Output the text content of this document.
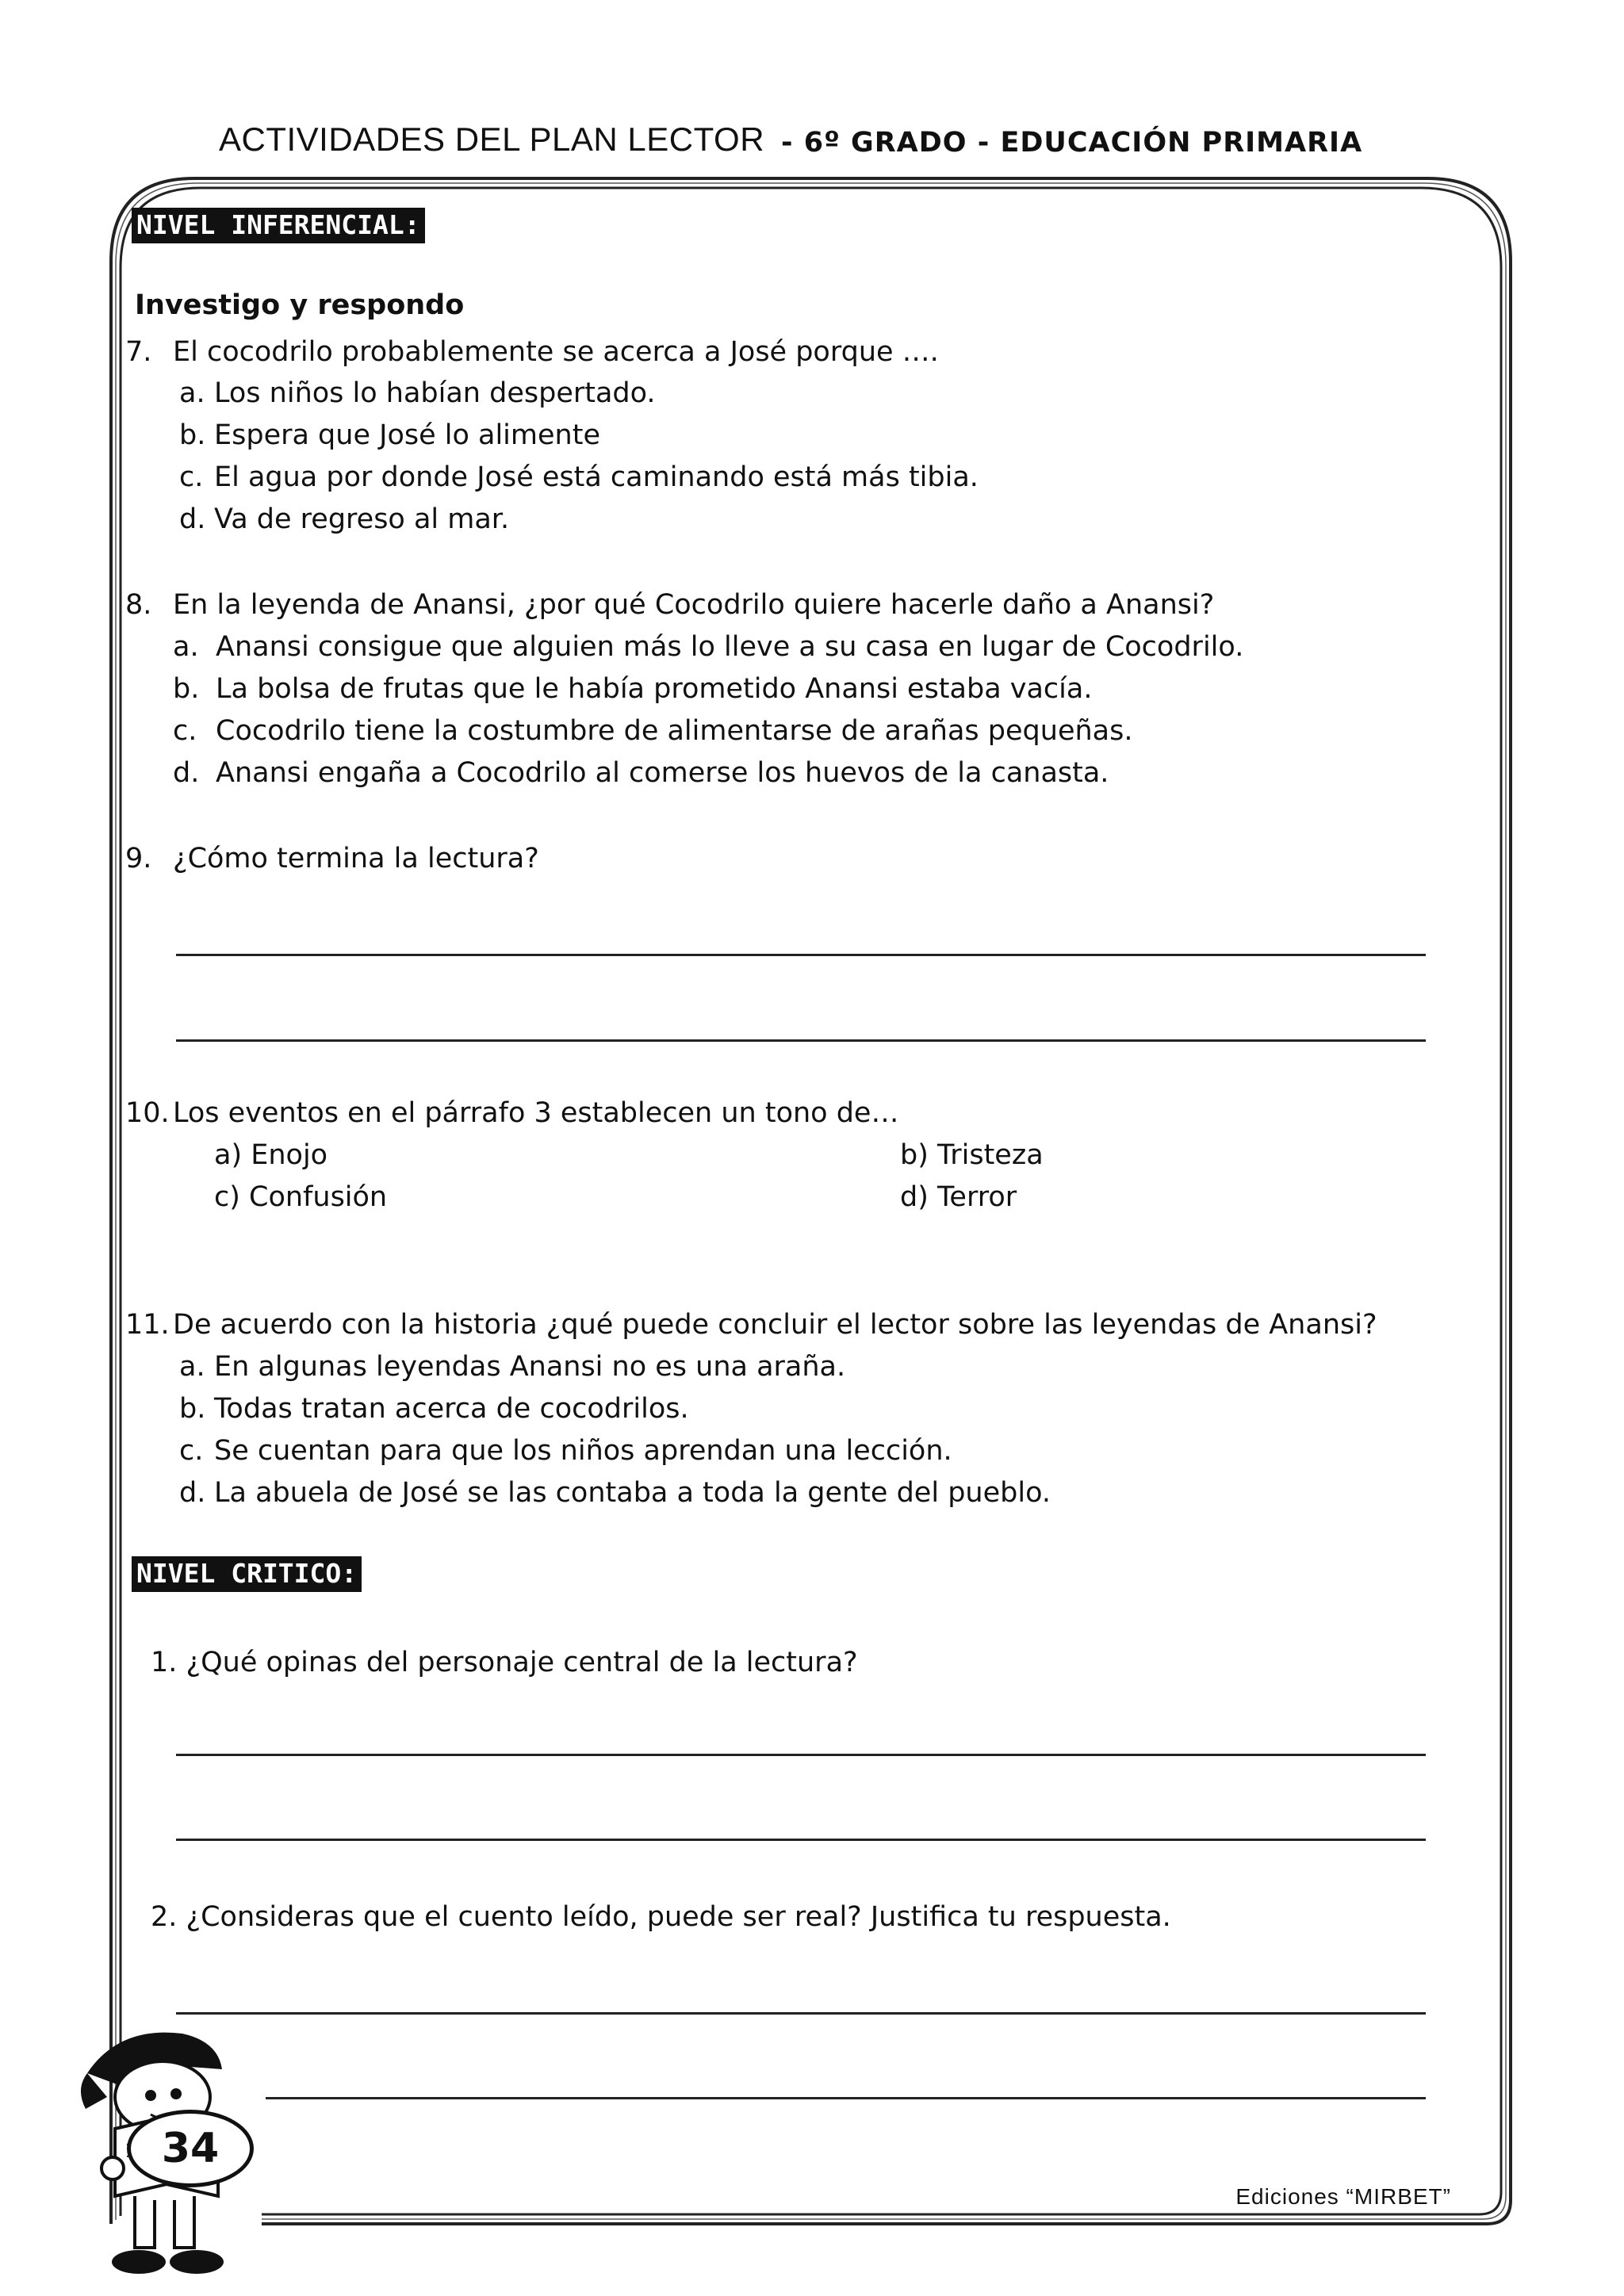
ACTIVIDADES DEL PLAN LECTOR - 6º GRADO - EDUCACIÓN PRIMARIA
NIVEL INFERENCIAL:
Investigo y respondo
7. El cocodrilo probablemente se acerca a José porque ….
a. Los niños lo habían despertado.
b. Espera que José lo alimente
c. El agua por donde José está caminando está más tibia.
d. Va de regreso al mar.
8. En la leyenda de Anansi, ¿por qué Cocodrilo quiere hacerle daño a Anansi?
a. Anansi consigue que alguien más lo lleve a su casa en lugar de Cocodrilo.
b. La bolsa de frutas que le había prometido Anansi estaba vacía.
c. Cocodrilo tiene la costumbre de alimentarse de arañas pequeñas.
d. Anansi engaña a Cocodrilo al comerse los huevos de la canasta.
9. ¿Cómo termina la lectura?
10. Los eventos en el párrafo 3 establecen un tono de…
a) Enojo	b) Tristeza
c) Confusión	d) Terror
11. De acuerdo con la historia ¿qué puede concluir el lector sobre las leyendas de Anansi?
a. En algunas leyendas Anansi no es una araña.
b. Todas tratan acerca de cocodrilos.
c. Se cuentan para que los niños aprendan una lección.
d. La abuela de José se las contaba a toda la gente del pueblo.
NIVEL CRITICO:
1. ¿Qué opinas del personaje central de la lectura?
2. ¿Consideras que el cuento leído, puede ser real? Justifica tu respuesta.
34
Ediciones “MIRBET”
